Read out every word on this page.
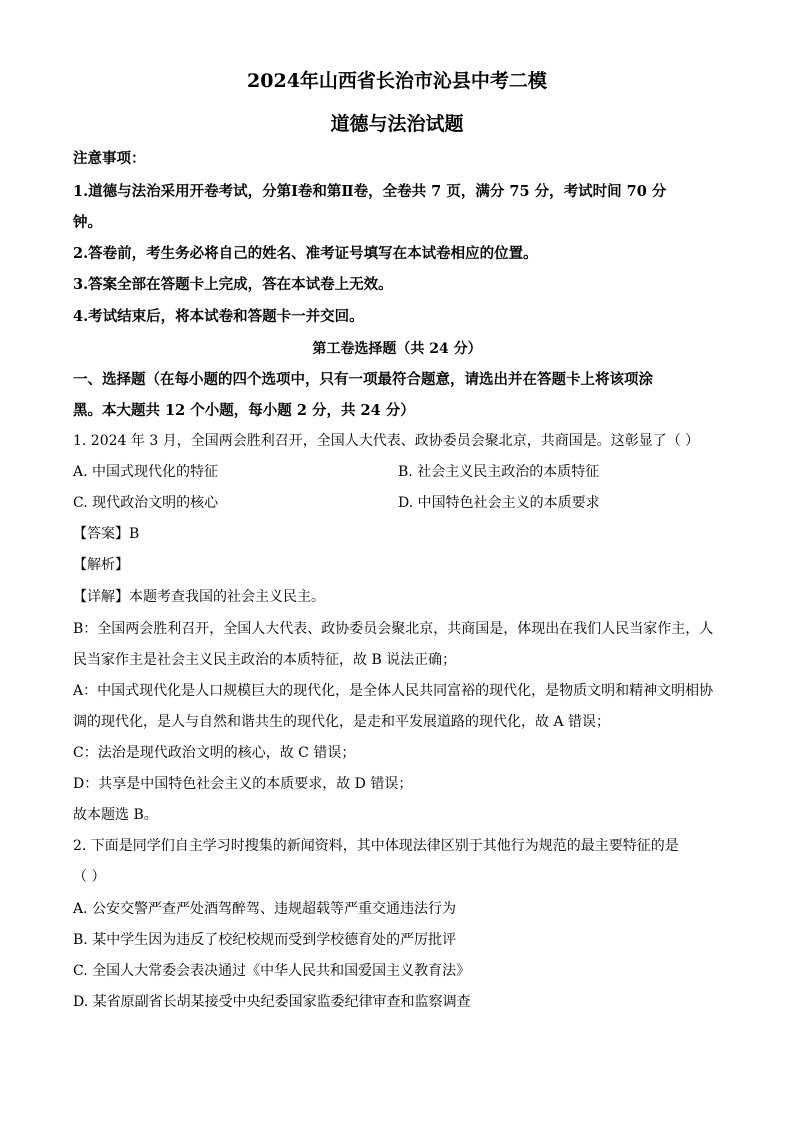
2024年山西省长治市沁县中考二模
道德与法治试题
注意事项：
1.道德与法治采用开卷考试，分第Ⅰ卷和第Ⅱ卷，全卷共 7 页，满分 75 分，考试时间 70 分
钟。
2.答卷前，考生务必将自己的姓名、准考证号填写在本试卷相应的位置。
3.答案全部在答题卡上完成，答在本试卷上无效。
4.考试结束后，将本试卷和答题卡一并交回。
第工卷选择题（共 24 分）
一、选择题（在每小题的四个选项中，只有一项最符合题意，请选出并在答题卡上将该项涂
黑。本大题共 12 个小题，每小题 2 分，共 24 分）
1. 2024 年 3 月，全国两会胜利召开，全国人大代表、政协委员会聚北京，共商国是。这彰显了（ ）
A. 中国式现代化的特征	B. 社会主义民主政治的本质特征
C. 现代政治文明的核心	D. 中国特色社会主义的本质要求
【答案】B
【解析】
【详解】本题考查我国的社会主义民主。
B：全国两会胜利召开，全国人大代表、政协委员会聚北京，共商国是，体现出在我们人民当家作主，人
民当家作主是社会主义民主政治的本质特征，故 B 说法正确；
A：中国式现代化是人口规模巨大的现代化，是全体人民共同富裕的现代化，是物质文明和精神文明相协
调的现代化，是人与自然和谐共生的现代化，是走和平发展道路的现代化，故 A 错误；
C：法治是现代政治文明的核心，故 C 错误；
D：共享是中国特色社会主义的本质要求，故 D 错误；
故本题选 B。
2. 下面是同学们自主学习时搜集的新闻资料，其中体现法律区别于其他行为规范的最主要特征的是
（ ）
A. 公安交警严查严处酒驾醉驾、违规超载等严重交通违法行为
B. 某中学生因为违反了校纪校规而受到学校德育处的严厉批评
C. 全国人大常委会表决通过《中华人民共和国爱国主义教育法》
D. 某省原副省长胡某接受中央纪委国家监委纪律审查和监察调查
